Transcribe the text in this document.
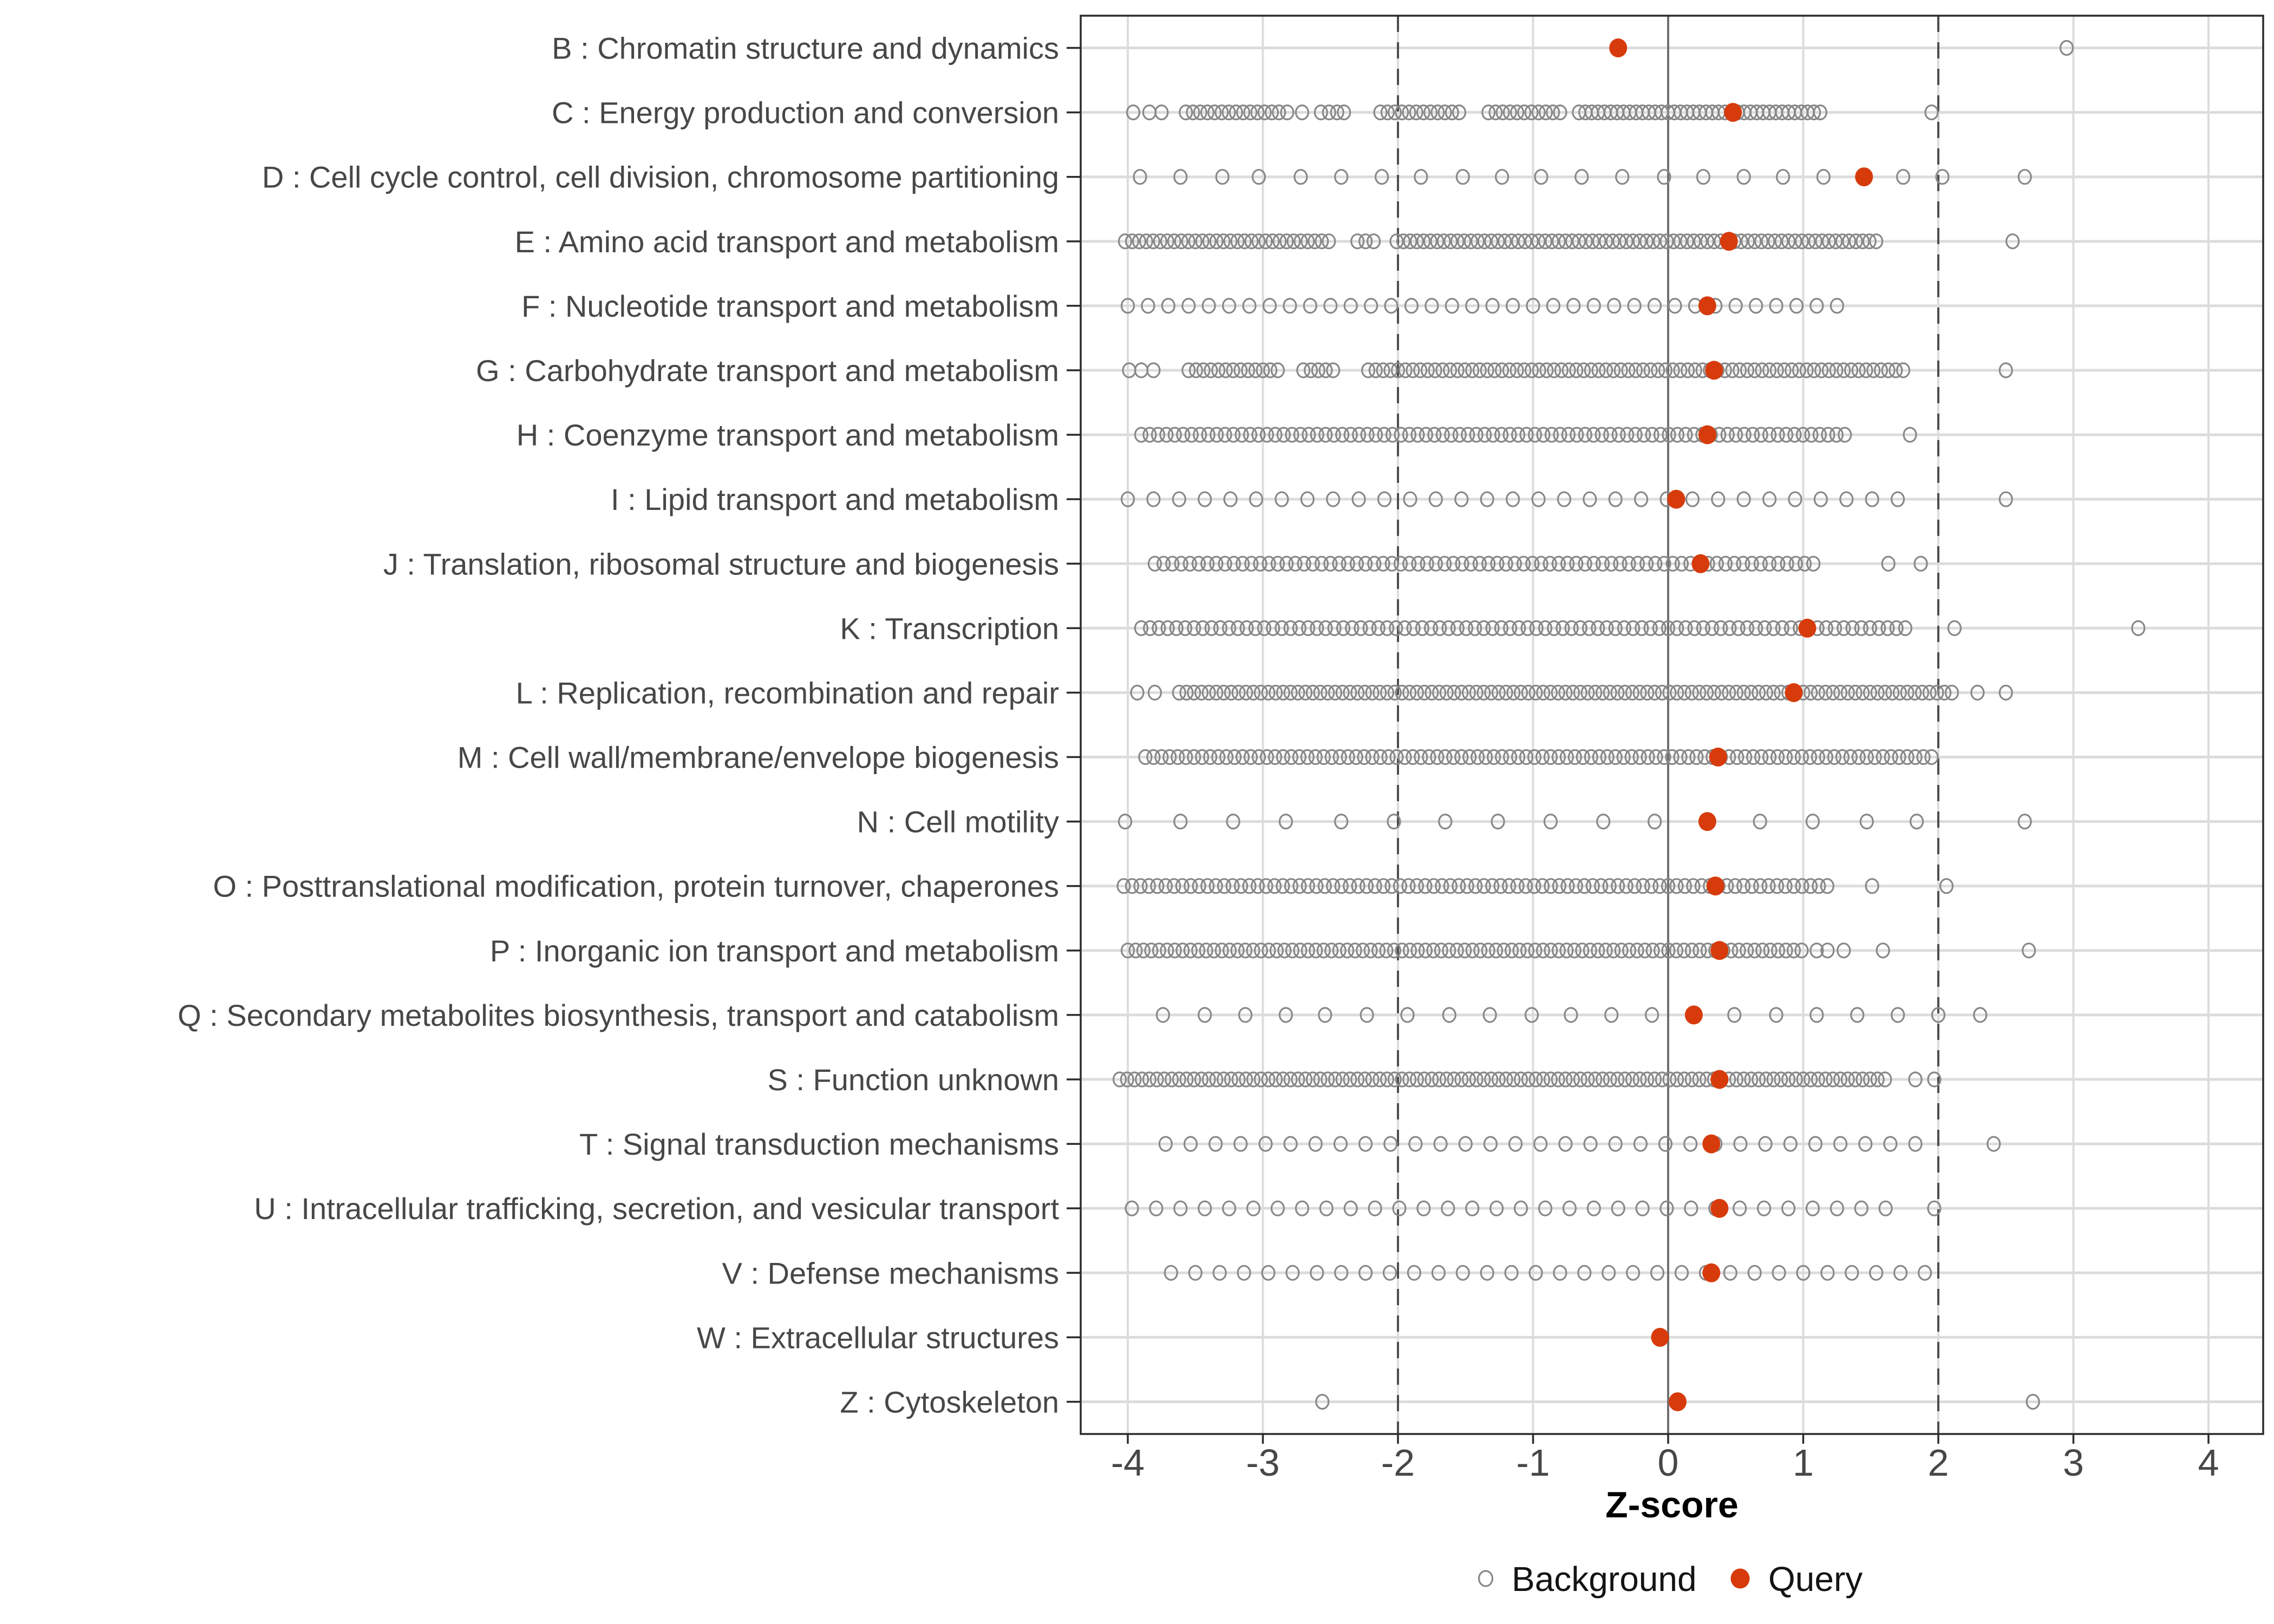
-4	-3	-2	-1	0	1	2	3	4
B : Chromatin structure and dynamics
C : Energy production and conversion
D : Cell cycle control, cell division, chromosome partitioning
E : Amino acid transport and metabolism
F : Nucleotide transport and metabolism
G : Carbohydrate transport and metabolism
H : Coenzyme transport and metabolism
I : Lipid transport and metabolism
J : Translation, ribosomal structure and biogenesis
K : Transcription
L : Replication, recombination and repair
M : Cell wall/membrane/envelope biogenesis
N : Cell motility
O : Posttranslational modification, protein turnover, chaperones
P : Inorganic ion transport and metabolism
Q : Secondary metabolites biosynthesis, transport and catabolism
S : Function unknown
T : Signal transduction mechanisms
U : Intracellular trafficking, secretion, and vesicular transport
V : Defense mechanisms
W : Extracellular structures
Z : Cytoskeleton
Z-score
Background Query
